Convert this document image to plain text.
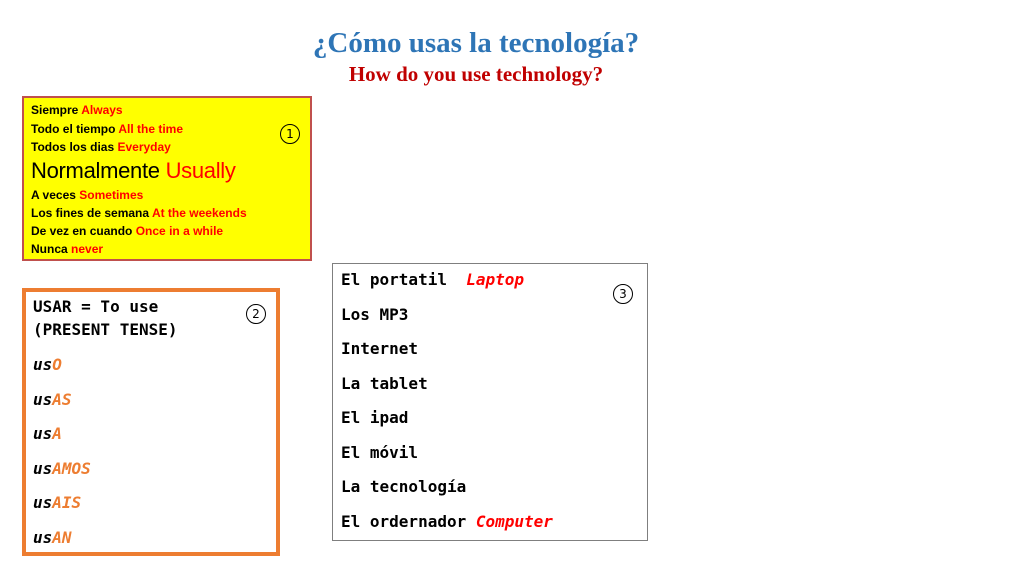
¿Cómo usas la tecnología?
How do you use technology?
Siempre Always
Todo el tiempo All the time
Todos los dias Everyday
Normalmente Usually
A veces Sometimes
Los fines de semana At the weekends
De vez en cuando Once in a while
Nunca never
1
USAR = To use
(PRESENT TENSE)
usO
usAS
usA
usAMOS
usAIS
usAN
2
El portatil Laptop
Los MP3
Internet
La tablet
El ipad
El móvil
La tecnología
El ordernador Computer
3
